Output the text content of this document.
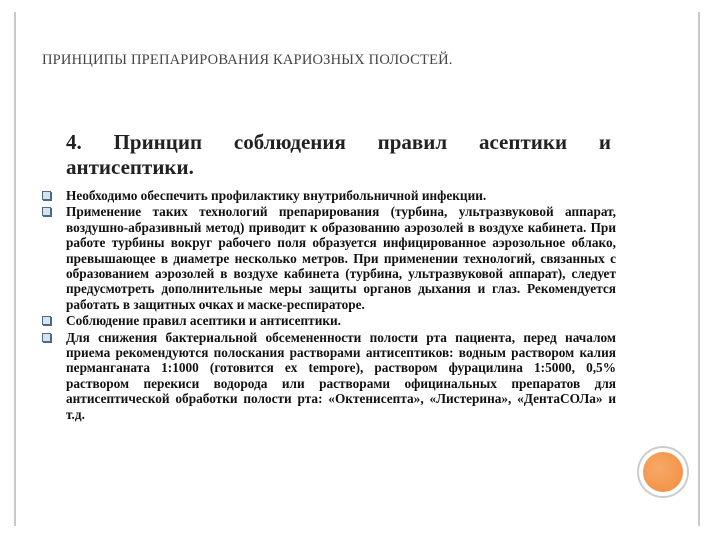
ПРИНЦИПЫ ПРЕПАРИРОВАНИЯ КАРИОЗНЫХ ПОЛОСТЕЙ.
4. Принцип соблюдения правил асептики и
антисептики.
Необходимо обеспечить профилактику внутрибольничной инфекции.
Применение таких технологий препарирования (турбина, ультразвуковой аппарат, воздушно-абразивный метод) приводит к образованию аэрозолей в воздухе кабинета. При работе турбины вокруг рабочего поля образуется инфицированное аэрозольное облако, превышающее в диаметре несколько метров. При применении технологий, связанных с образованием аэрозолей в воздухе кабинета (турбина, ультразвуковой аппарат), следует предусмотреть дополнительные меры защиты органов дыхания и глаз. Рекомендуется работать в защитных очках и маске-респираторе.
Соблюдение правил асептики и антисептики.
Для снижения бактериальной обсемененности полости рта пациента, перед началом приема рекомендуются полоскания растворами антисептиков: водным раствором калия перманганата 1:1000 (готовится ex tempore), раствором фурацилина 1:5000, 0,5% раствором перекиси водорода или растворами официнальных препаратов для антисептической обработки полости рта: «Октенисепта», «Листерина», «ДентаСОЛа» и т.д.
